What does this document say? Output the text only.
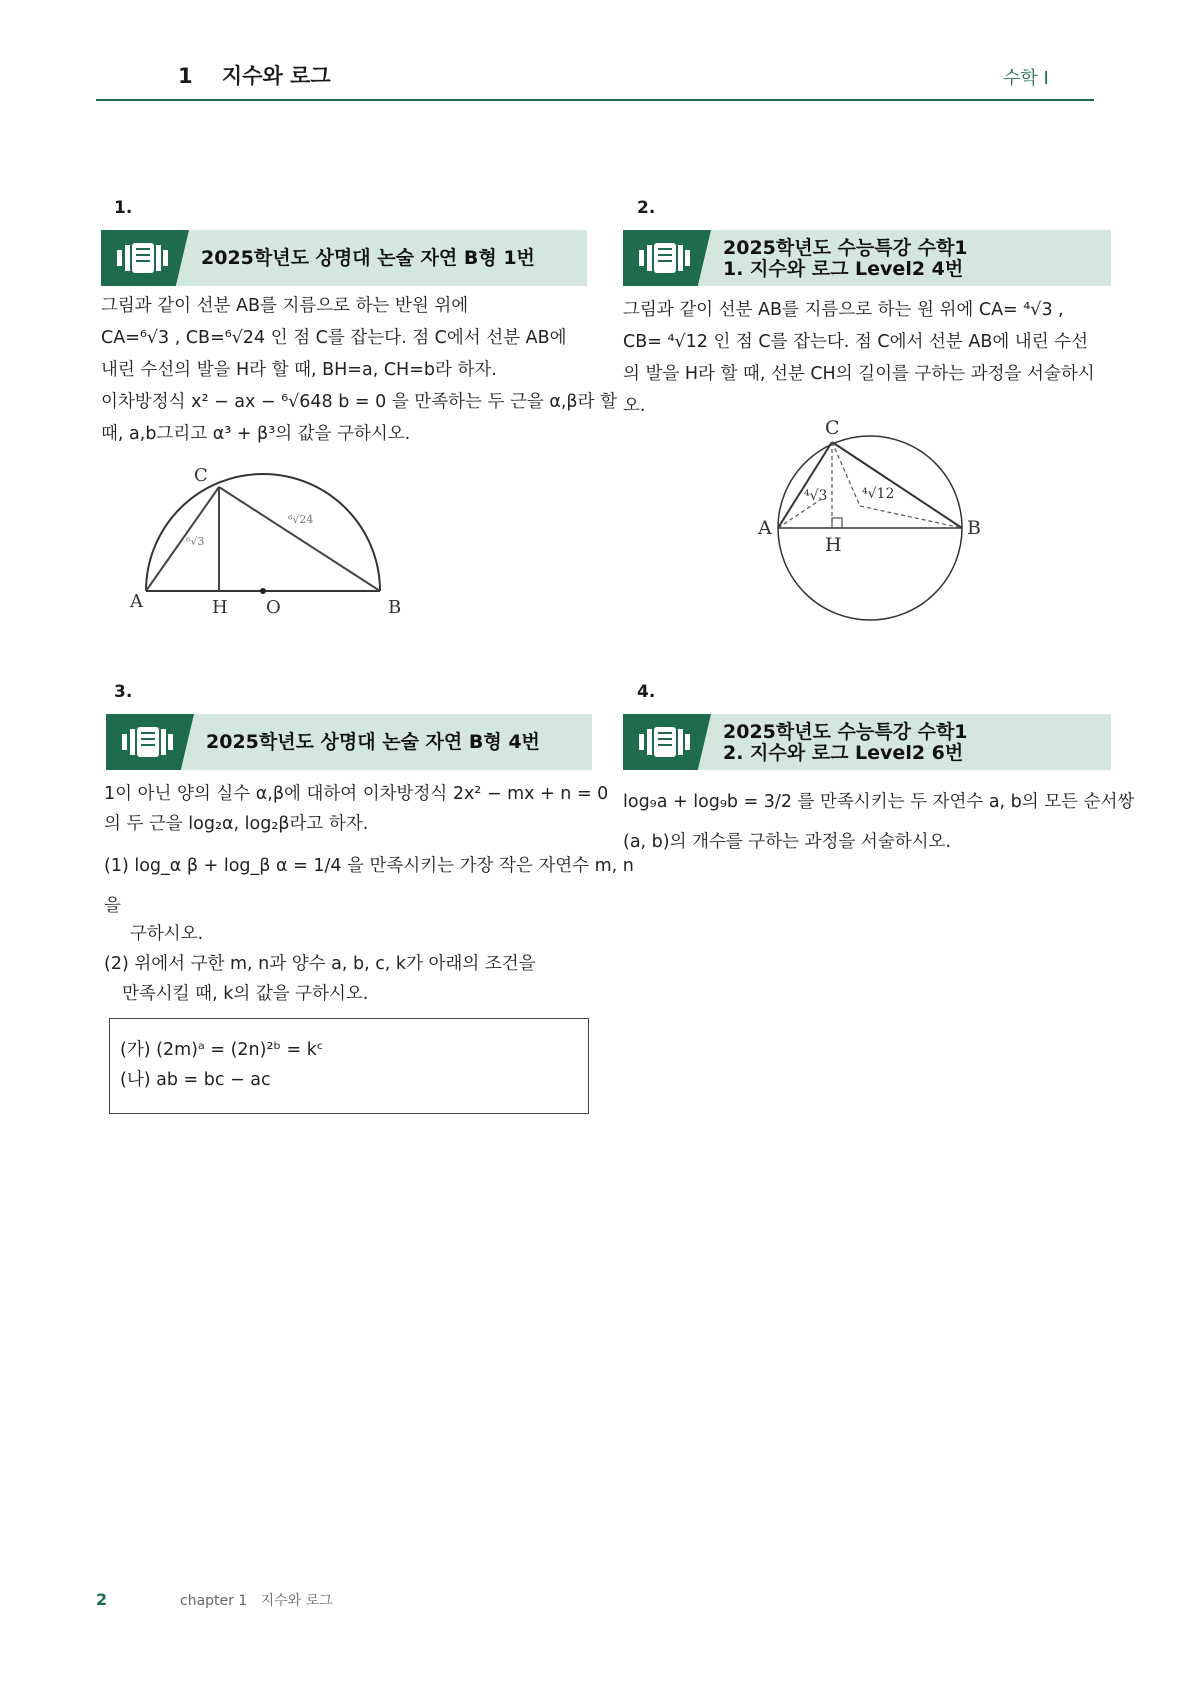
1 지수와 로그	수학 I
1.
2025학년도 상명대 논술 자연 B형 1번
그림과 같이 선분 AB를 지름으로 하는 반원 위에
CA=⁶√3 , CB=⁶√24 인 점 C를 잡는다. 점 C에서 선분 AB에
내린 수선의 발을 H라 할 때, BH=a, CH=b라 하자.
이차방정식 x² − ax − ⁶√648 b = 0 을 만족하는 두 근을 α,β라 할
때, a,b그리고 α³ + β³의 값을 구하시오.
A	H O	B
C
⁶√3
⁶√24
2.
2025학년도 수능특강 수학1
1. 지수와 로그 Level2 4번
그림과 같이 선분 AB를 지름으로 하는 원 위에 CA= ⁴√3 ,
CB= ⁴√12 인 점 C를 잡는다. 점 C에서 선분 AB에 내린 수선
의 발을 H라 할 때, 선분 CH의 길이를 구하는 과정을 서술하시
오.
A
H
B
C
⁴√3 ⁴√12
3.
2025학년도 상명대 논술 자연 B형 4번
1이 아닌 양의 실수 α,β에 대하여 이차방정식 2x² − mx + n = 0
의 두 근을 log₂α, log₂β라고 하자.
(1) log_α β + log_β α = 1/4 을 만족시키는 가장 작은 자연수 m, n
을
구하시오.
(2) 위에서 구한 m, n과 양수 a, b, c, k가 아래의 조건을
만족시킬 때, k의 값을 구하시오.
(가) (2m)ᵃ = (2n)²ᵇ = kᶜ
(나) ab = bc − ac
4.
2025학년도 수능특강 수학1
2. 지수와 로그 Level2 6번
log₉a + log₉b = 3/2 를 만족시키는 두 자연수 a, b의 모든 순서쌍
(a, b)의 개수를 구하는 과정을 서술하시오.
2	chapter 1   지수와 로그
